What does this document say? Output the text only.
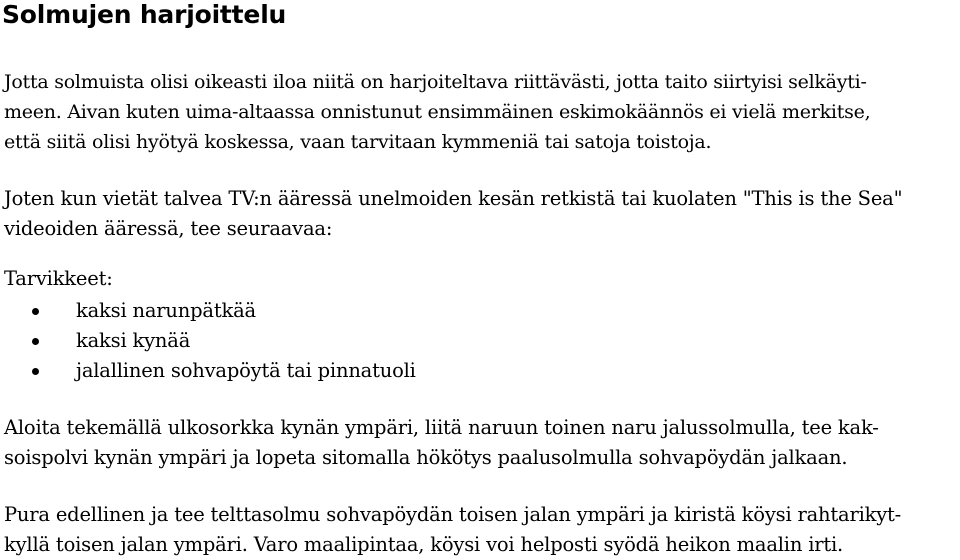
Solmujen harjoittelu

Jotta solmuista olisi oikeasti iloa niitä on harjoiteltava riittävästi, jotta taito siirtyisi selkäyti-
meen. Aivan kuten uima-altaassa onnistunut ensimmäinen eskimokäännös ei vielä merkitse,
että siitä olisi hyötyä koskessa, vaan tarvitaan kymmeniä tai satoja toistoja.

Joten kun vietät talvea TV:n ääressä unelmoiden kesän retkistä tai kuolaten "This is the Sea"
videoiden ääressä, tee seuraavaa:

Tarvikkeet:

kaksi narunpätkää
kaksi kynää
jalallinen sohvapöytä tai pinnatuoli

Aloita tekemällä ulkosorkka kynän ympäri, liitä naruun toinen naru jalussolmulla, tee kak-
soispolvi kynän ympäri ja lopeta sitomalla hökötys paalusolmulla sohvapöydän jalkaan.

Pura edellinen ja tee telttasolmu sohvapöydän toisen jalan ympäri ja kiristä köysi rahtarikyt-
kyllä toisen jalan ympäri. Varo maalipintaa, köysi voi helposti syödä heikon maalin irti.
